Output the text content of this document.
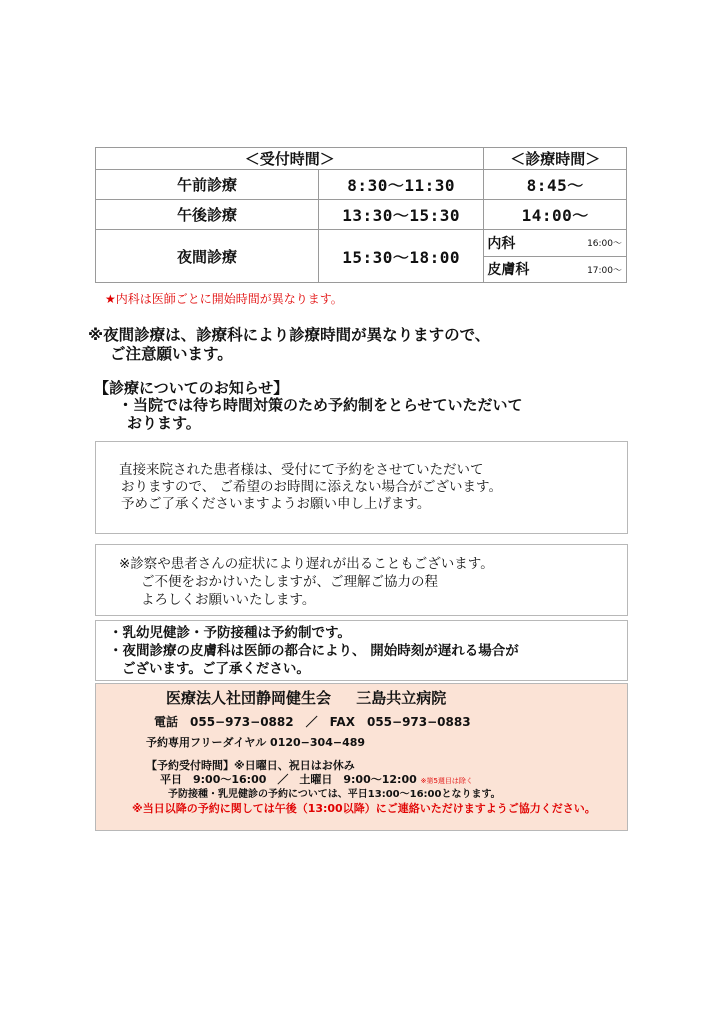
＜受付時間＞		＜診療時間＞
午前診療	8:30〜11:30	8:45〜
午後診療	13:30〜15:30	14:00〜
夜間診療	15:30〜18:00	内科 16:00〜
皮膚科 17:00〜
★内科は医師ごとに開始時間が異なります。
※夜間診療は、診療科により診療時間が異なりますので、
ご注意願います。
【診療についてのお知らせ】
・当院では待ち時間対策のため予約制をとらせていただいて
おります。
直接来院された患者様は、受付にて予約をさせていただいて
おりますので、 ご希望のお時間に添えない場合がございます。
予めご了承くださいますようお願い申し上げます。
※診察や患者さんの症状により遅れが出ることもございます。
ご不便をおかけいたしますが、ご理解ご協力の程
よろしくお願いいたします。
・乳幼児健診・予防接種は予約制です。
・夜間診療の皮膚科は医師の都合により、 開始時刻が遅れる場合が
ございます。ご了承ください。
医療法人社団静岡健生会 三島共立病院
電話　055−973−0882　／　FAX　055−973−0883
予約専用フリーダイヤル 0120−304−489
【予約受付時間】※日曜日、祝日はお休み
平日　9:00〜16:00　／　土曜日　9:00〜12:00 ※第5週目は除く
予防接種・乳児健診の予約については、平日13:00〜16:00となります。
※当日以降の予約に関しては午後（13:00以降）にご連絡いただけますようご協力ください。
